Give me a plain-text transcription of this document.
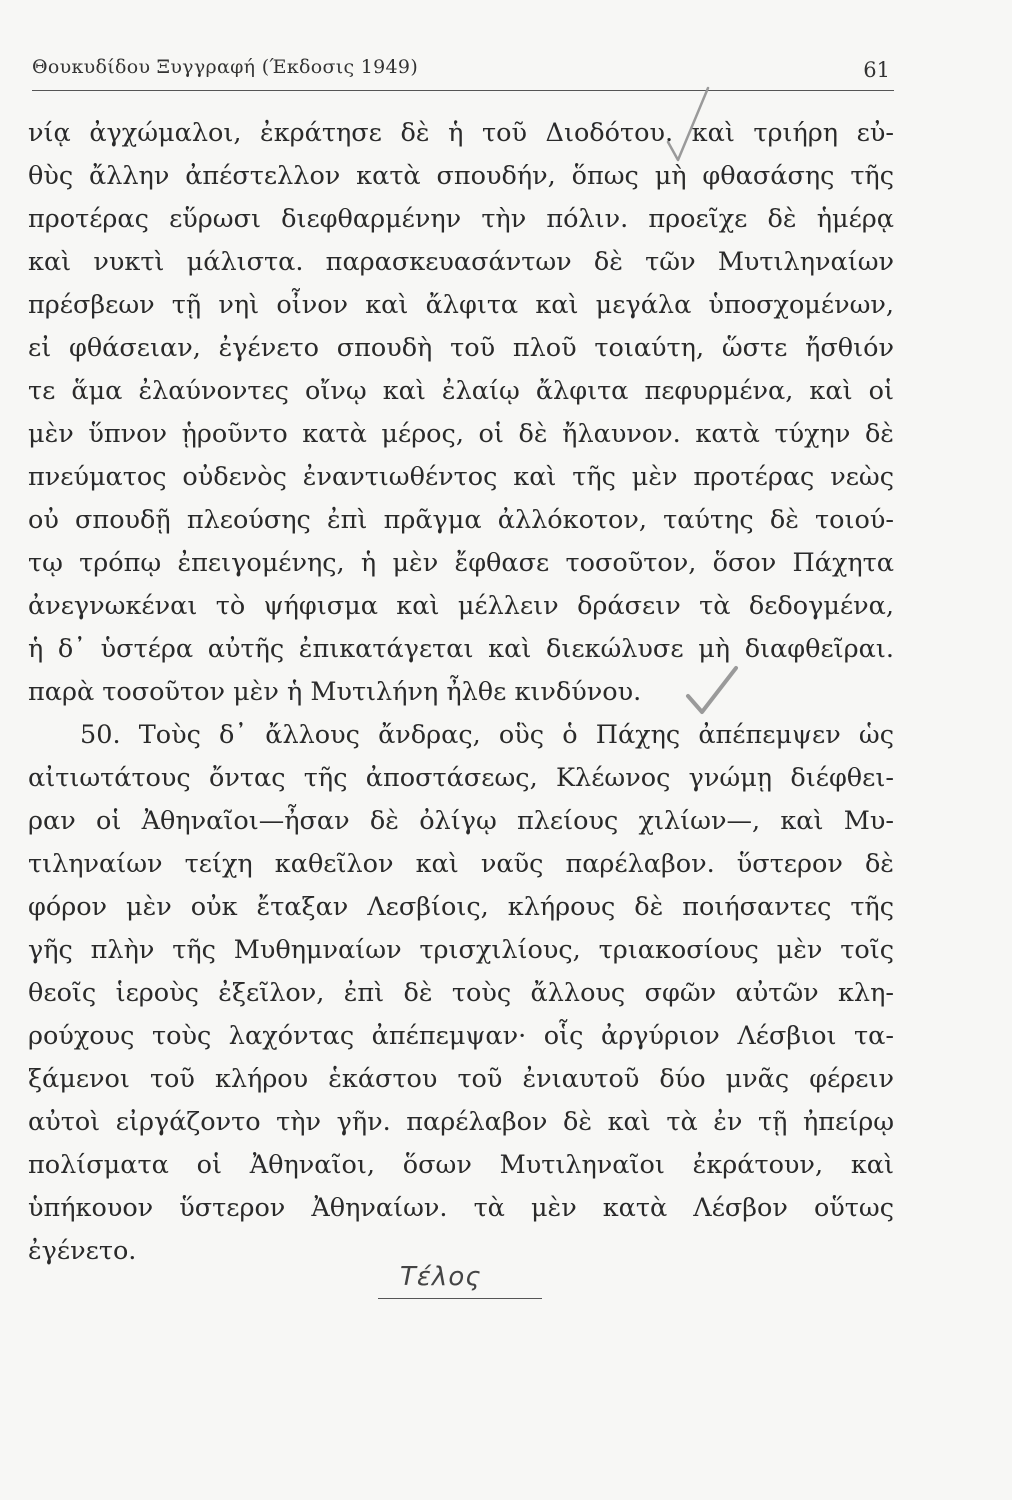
Θουκυδίδου Ξυγγραφή (Έκδοσις 1949)	61
νίᾳ ἀγχώμαλοι, ἐκράτησε δὲ ἡ τοῦ Διοδότου. καὶ τριήρη εὐ-
θὺς ἄλλην ἀπέστελλον κατὰ σπουδήν, ὅπως μὴ φθασάσης τῆς
προτέρας εὕρωσι διεφθαρμένην τὴν πόλιν. προεῖχε δὲ ἡμέρᾳ
καὶ νυκτὶ μάλιστα. παρασκευασάντων δὲ τῶν Μυτιληναίων
πρέσβεων τῇ νηὶ οἶνον καὶ ἄλφιτα καὶ μεγάλα ὑποσχομένων,
εἰ φθάσειαν, ἐγένετο σπουδὴ τοῦ πλοῦ τοιαύτη, ὥστε ἤσθιόν
τε ἅμα ἐλαύνοντες οἴνῳ καὶ ἐλαίῳ ἄλφιτα πεφυρμένα, καὶ οἱ
μὲν ὕπνον ᾑροῦντο κατὰ μέρος, οἱ δὲ ἤλαυνον. κατὰ τύχην δὲ
πνεύματος οὐδενὸς ἐναντιωθέντος καὶ τῆς μὲν προτέρας νεὼς
οὐ σπουδῇ πλεούσης ἐπὶ πρᾶγμα ἀλλόκοτον, ταύτης δὲ τοιού-
τῳ τρόπῳ ἐπειγομένης, ἡ μὲν ἔφθασε τοσοῦτον, ὅσον Πάχητα
ἀνεγνωκέναι τὸ ψήφισμα καὶ μέλλειν δράσειν τὰ δεδογμένα,
ἡ δ᾿ ὑστέρα αὐτῆς ἐπικατάγεται καὶ διεκώλυσε μὴ διαφθεῖραι.
παρὰ τοσοῦτον μὲν ἡ Μυτιλήνη ἦλθε κινδύνου.
50. Τοὺς δ᾿ ἄλλους ἄνδρας, οὓς ὁ Πάχης ἀπέπεμψεν ὡς
αἰτιωτάτους ὄντας τῆς ἀποστάσεως, Κλέωνος γνώμῃ διέφθει-
ραν οἱ Ἀθηναῖοι—ἦσαν δὲ ὀλίγῳ πλείους χιλίων—, καὶ Μυ-
τιληναίων τείχη καθεῖλον καὶ ναῦς παρέλαβον. ὕστερον δὲ
φόρον μὲν οὐκ ἔταξαν Λεσβίοις, κλήρους δὲ ποιήσαντες τῆς
γῆς πλὴν τῆς Μυθημναίων τρισχιλίους, τριακοσίους μὲν τοῖς
θεοῖς ἱεροὺς ἐξεῖλον, ἐπὶ δὲ τοὺς ἄλλους σφῶν αὐτῶν κλη-
ρούχους τοὺς λαχόντας ἀπέπεμψαν· οἷς ἀργύριον Λέσβιοι τα-
ξάμενοι τοῦ κλήρου ἑκάστου τοῦ ἐνιαυτοῦ δύο μνᾶς φέρειν
αὐτοὶ εἰργάζοντο τὴν γῆν. παρέλαβον δὲ καὶ τὰ ἐν τῇ ἠπείρῳ
πολίσματα οἱ Ἀθηναῖοι, ὅσων Μυτιληναῖοι ἐκράτουν, καὶ
ὑπήκουον ὕστερον Ἀθηναίων. τὰ μὲν κατὰ Λέσβον οὕτως
ἐγένετο.
Τέλος
